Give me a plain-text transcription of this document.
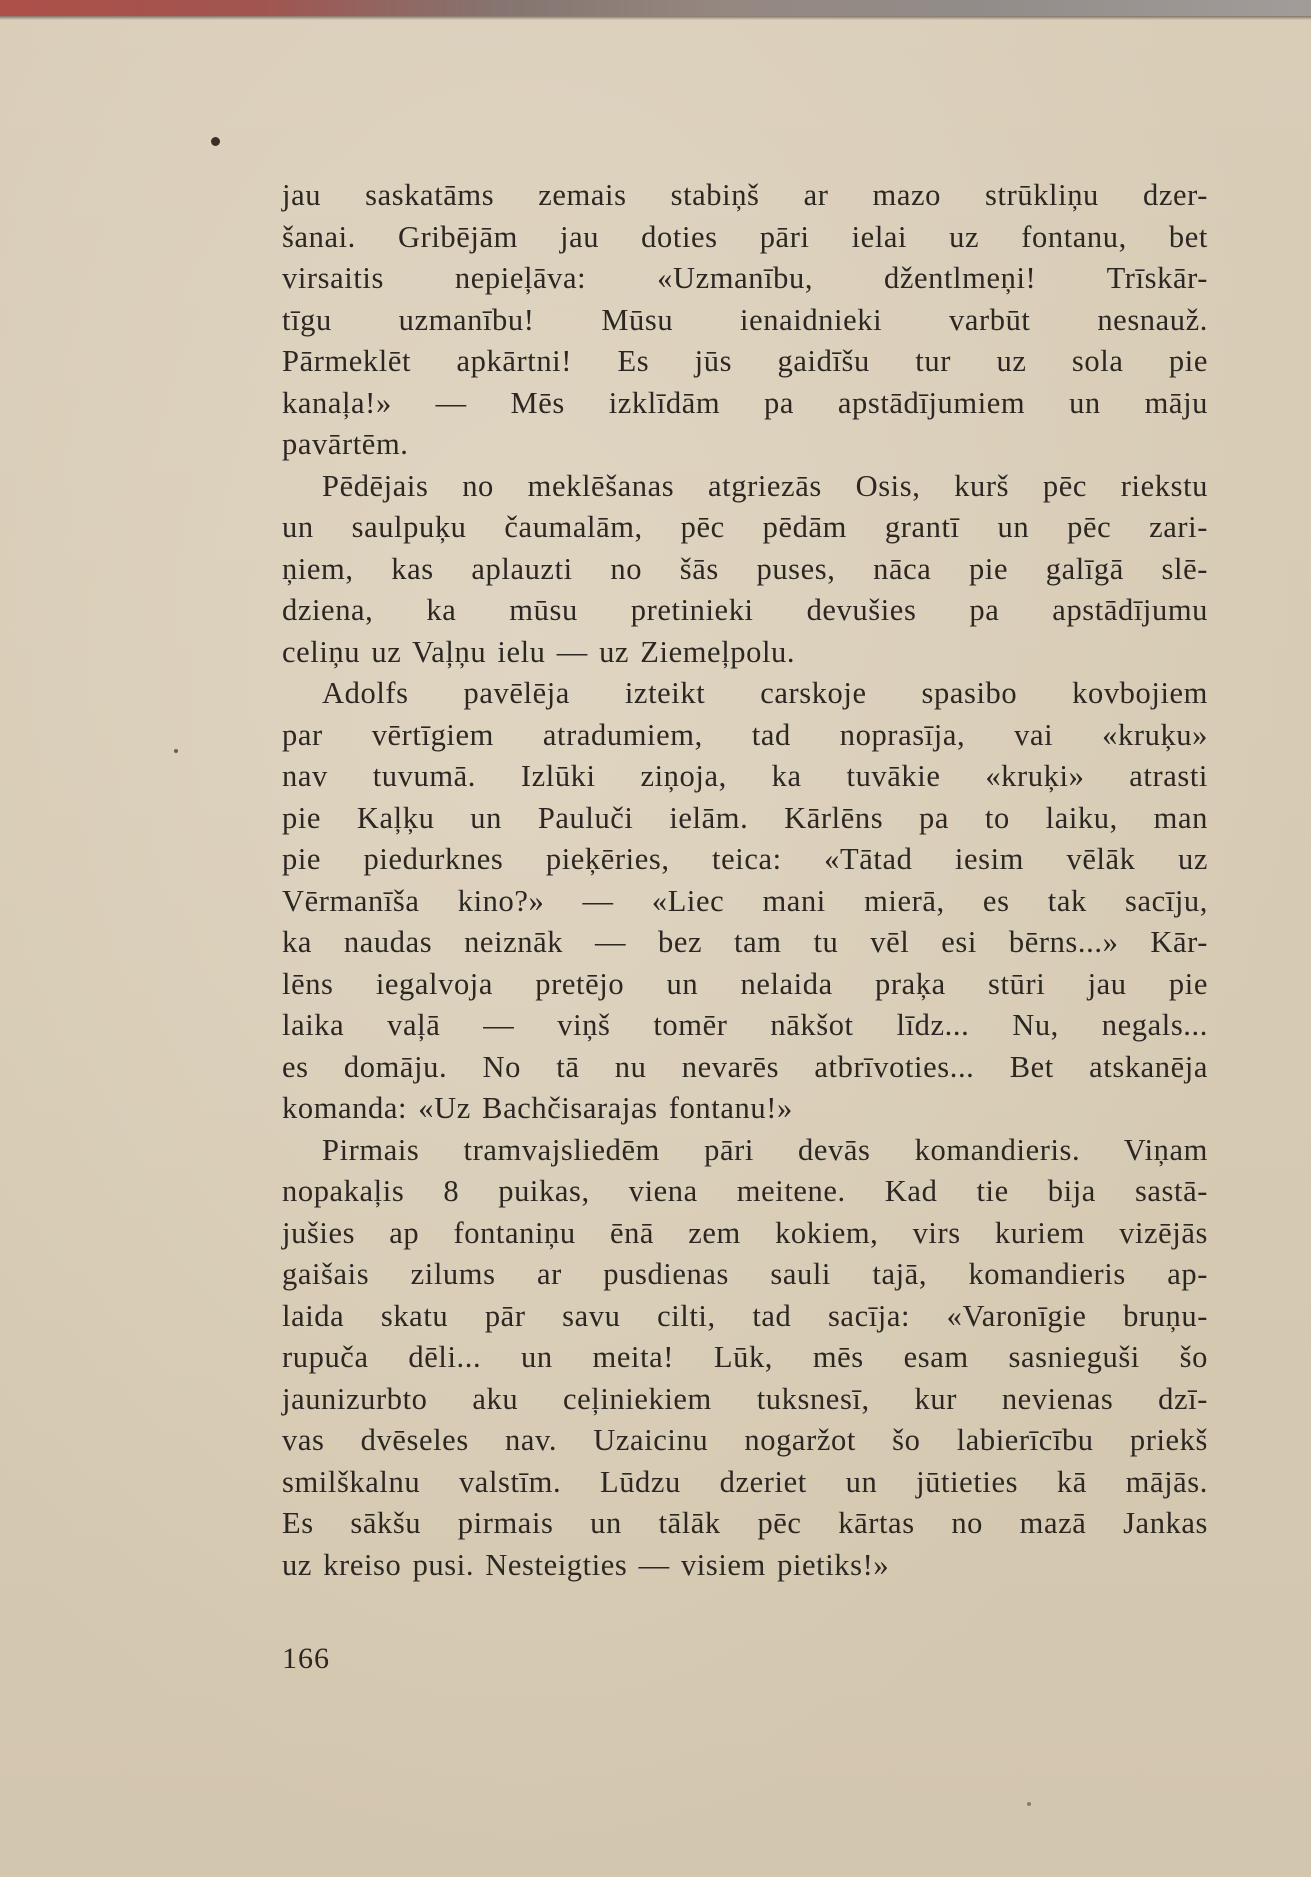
jau saskatāms zemais stabiņš ar mazo strūkliņu dzer-
šanai. Gribējām jau doties pāri ielai uz fontanu, bet
virsaitis nepieļāva: «Uzmanību, džentlmeņi! Trīskār-
tīgu uzmanību! Mūsu ienaidnieki varbūt nesnauž.
Pārmeklēt apkārtni! Es jūs gaidīšu tur uz sola pie
kanaļa!» — Mēs izklīdām pa apstādījumiem un māju
pavārtēm.
Pēdējais no meklēšanas atgriezās Osis, kurš pēc riekstu
un saulpuķu čaumalām, pēc pēdām grantī un pēc zari-
ņiem, kas aplauzti no šās puses, nāca pie galīgā slē-
dziena, ka mūsu pretinieki devušies pa apstādījumu
celiņu uz Vaļņu ielu — uz Ziemeļpolu.
Adolfs pavēlēja izteikt carskoje spasibo kovbojiem
par vērtīgiem atradumiem, tad noprasīja, vai «kruķu»
nav tuvumā. Izlūki ziņoja, ka tuvākie «kruķi» atrasti
pie Kaļķu un Pauluči ielām. Kārlēns pa to laiku, man
pie piedurknes pieķēries, teica: «Tātad iesim vēlāk uz
Vērmanīša kino?» — «Liec mani mierā, es tak sacīju,
ka naudas neiznāk — bez tam tu vēl esi bērns...» Kār-
lēns iegalvoja pretējo un nelaida praķa stūri jau pie
laika vaļā — viņš tomēr nākšot līdz... Nu, negals...
es domāju. No tā nu nevarēs atbrīvoties... Bet atskanēja
komanda: «Uz Bachčisarajas fontanu!»
Pirmais tramvajsliedēm pāri devās komandieris. Viņam
nopakaļis 8 puikas, viena meitene. Kad tie bija sastā-
jušies ap fontaniņu ēnā zem kokiem, virs kuriem vizējās
gaišais zilums ar pusdienas sauli tajā, komandieris ap-
laida skatu pār savu cilti, tad sacīja: «Varonīgie bruņu-
rupuča dēli... un meita! Lūk, mēs esam sasnieguši šo
jaunizurbto aku ceļiniekiem tuksnesī, kur nevienas dzī-
vas dvēseles nav. Uzaicinu nogaržot šo labierīcību priekš
smilškalnu valstīm. Lūdzu dzeriet un jūtieties kā mājās.
Es sākšu pirmais un tālāk pēc kārtas no mazā Jankas
uz kreiso pusi. Nesteigties — visiem pietiks!»
166
